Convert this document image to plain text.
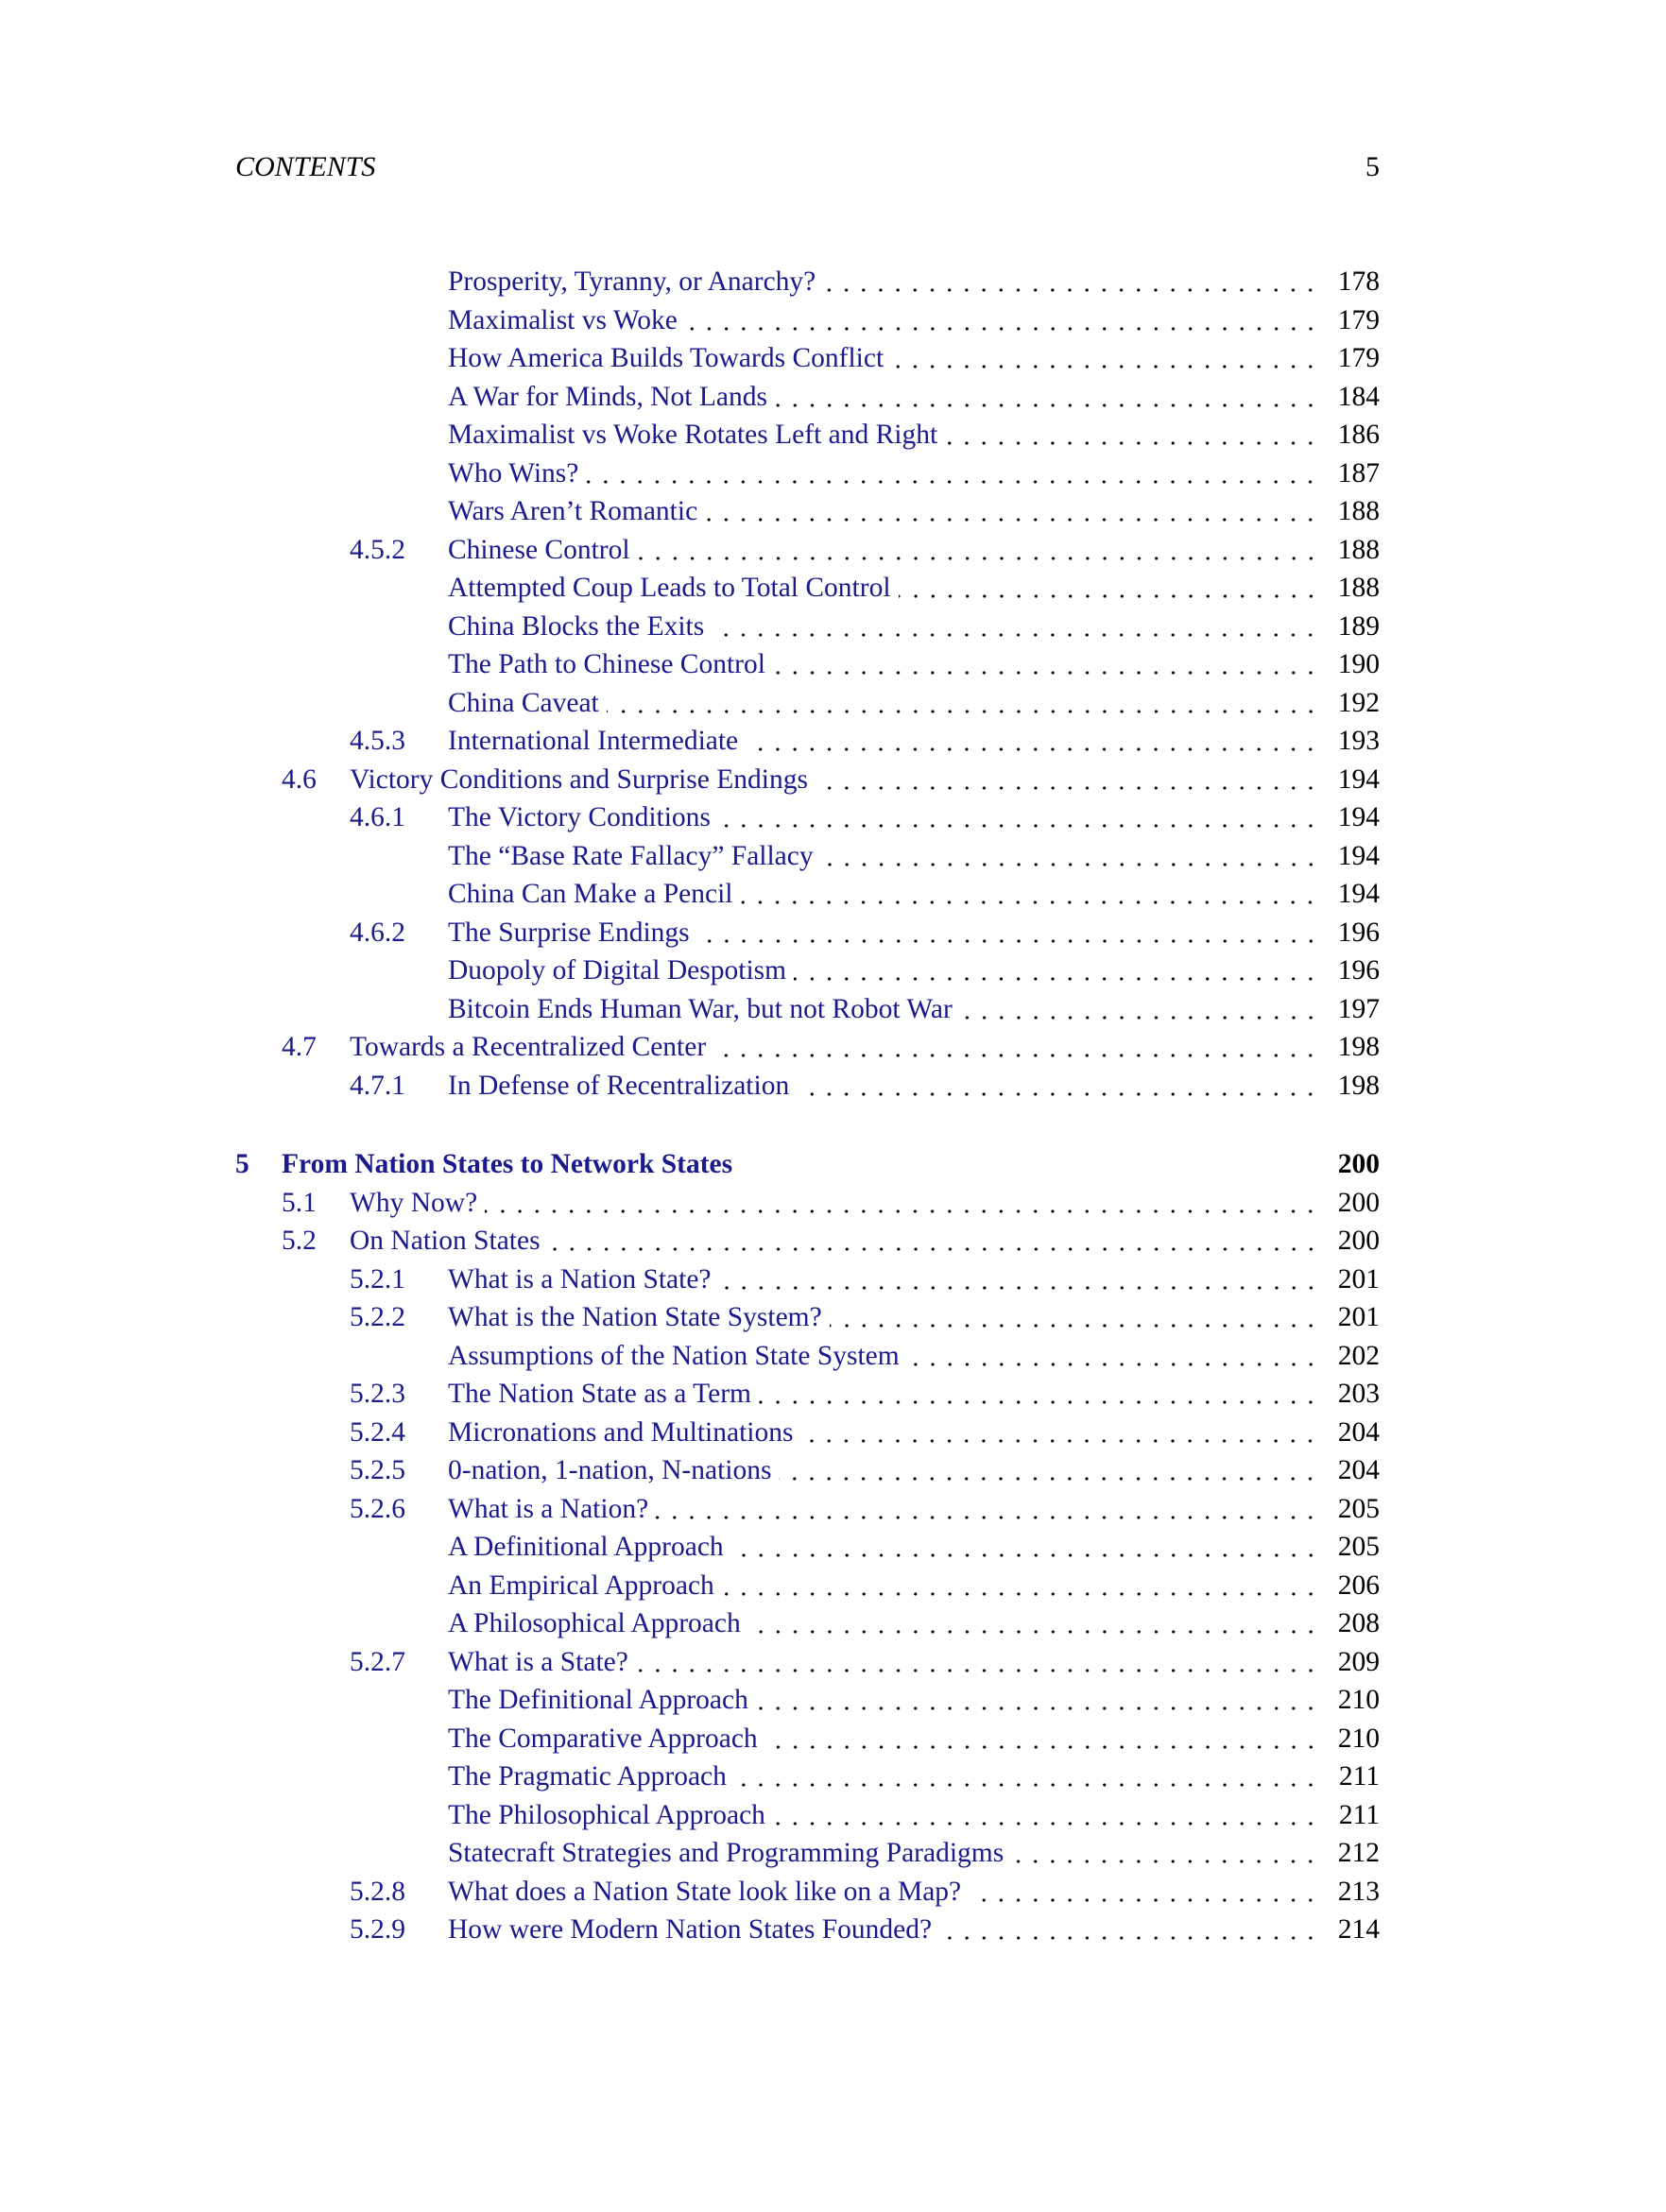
CONTENTS	5
Prosperity, Tyranny, or Anarchy?	178
Maximalist vs Woke	179
How America Builds Towards Conflict	179
A War for Minds, Not Lands	184
Maximalist vs Woke Rotates Left and Right	186
Who Wins?	187
Wars Aren’t Romantic	188
4.5.2 Chinese Control	188
Attempted Coup Leads to Total Control	188
China Blocks the Exits	189
The Path to Chinese Control	190
China Caveat	192
4.5.3 International Intermediate	193
4.6 Victory Conditions and Surprise Endings	194
4.6.1 The Victory Conditions	194
The “Base Rate Fallacy” Fallacy	194
China Can Make a Pencil	194
4.6.2 The Surprise Endings	196
Duopoly of Digital Despotism	196
Bitcoin Ends Human War, but not Robot War	197
4.7 Towards a Recentralized Center	198
4.7.1 In Defense of Recentralization	198
5 From Nation States to Network States	200
5.1 Why Now?	200
5.2 On Nation States	200
5.2.1 What is a Nation State?	201
5.2.2 What is the Nation State System?	201
Assumptions of the Nation State System	202
5.2.3 The Nation State as a Term	203
5.2.4 Micronations and Multinations	204
5.2.5 0-nation, 1-nation, N-nations	204
5.2.6 What is a Nation?	205
A Definitional Approach	205
An Empirical Approach	206
A Philosophical Approach	208
5.2.7 What is a State?	209
The Definitional Approach	210
The Comparative Approach	210
The Pragmatic Approach	211
The Philosophical Approach	211
Statecraft Strategies and Programming Paradigms	212
5.2.8 What does a Nation State look like on a Map?	213
5.2.9 How were Modern Nation States Founded?	214
